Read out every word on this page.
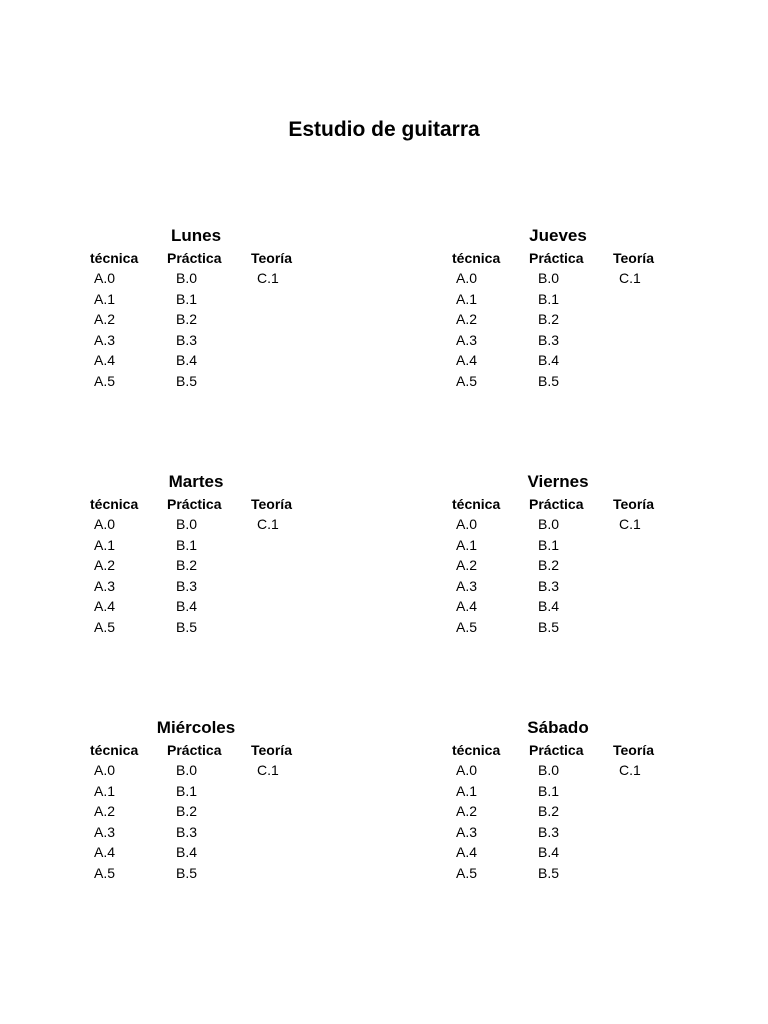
Estudio de guitarra
Lunes
técnica
A.0
A.1
A.2
A.3
A.4
A.5
Práctica
B.0
B.1
B.2
B.3
B.4
B.5
Teoría
C.1
Jueves
técnica
A.0
A.1
A.2
A.3
A.4
A.5
Práctica
B.0
B.1
B.2
B.3
B.4
B.5
Teoría
C.1
Martes
técnica
A.0
A.1
A.2
A.3
A.4
A.5
Práctica
B.0
B.1
B.2
B.3
B.4
B.5
Teoría
C.1
Viernes
técnica
A.0
A.1
A.2
A.3
A.4
A.5
Práctica
B.0
B.1
B.2
B.3
B.4
B.5
Teoría
C.1
Miércoles
técnica
A.0
A.1
A.2
A.3
A.4
A.5
Práctica
B.0
B.1
B.2
B.3
B.4
B.5
Teoría
C.1
Sábado
técnica
A.0
A.1
A.2
A.3
A.4
A.5
Práctica
B.0
B.1
B.2
B.3
B.4
B.5
Teoría
C.1
